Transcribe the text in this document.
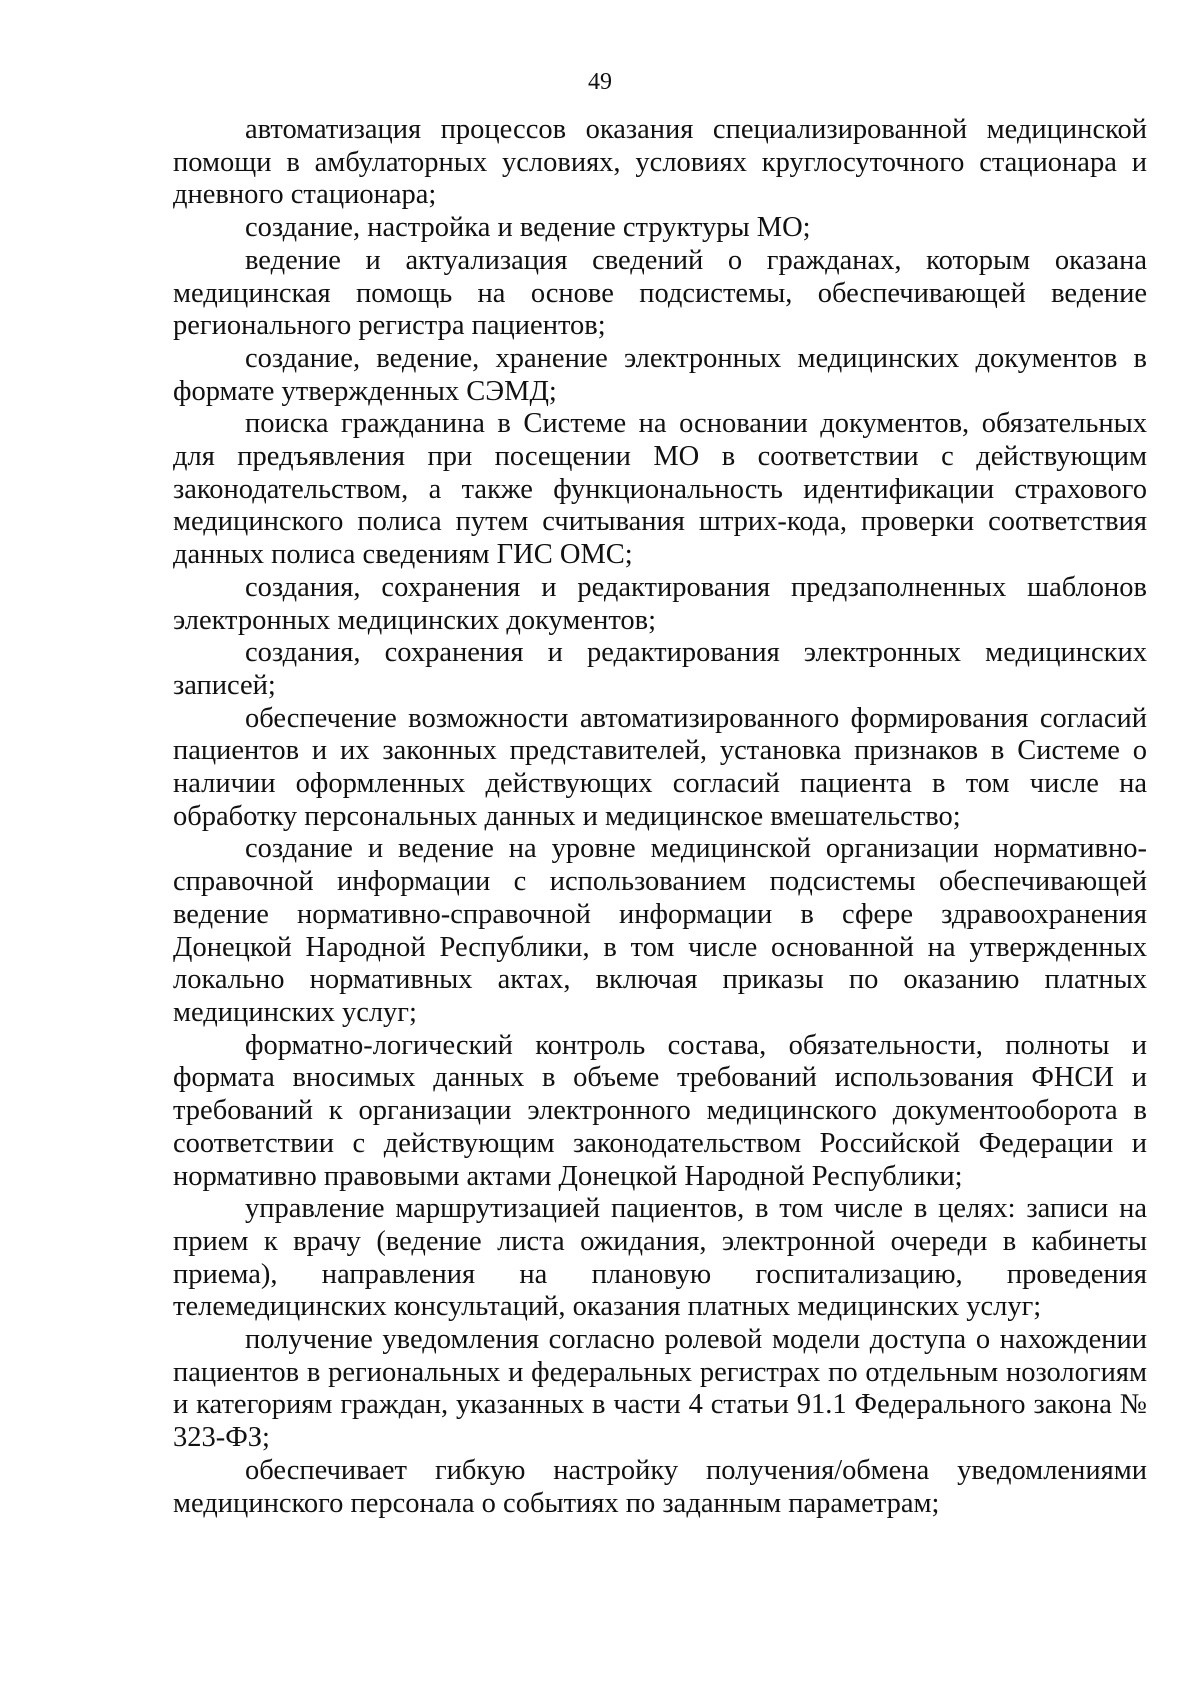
49

автоматизация процессов оказания специализированной медицинской помощи в амбулаторных условиях, условиях круглосуточного стационара и дневного стационара;

создание, настройка и ведение структуры МО;

ведение и актуализация сведений о гражданах, которым оказана медицинская помощь на основе подсистемы, обеспечивающей ведение регионального регистра пациентов;

создание, ведение, хранение электронных медицинских документов в формате утвержденных СЭМД;

поиска гражданина в Системе на основании документов, обязательных для предъявления при посещении МО в соответствии с действующим законодательством, а также функциональность идентификации страхового медицинского полиса путем считывания штрих-кода, проверки соответствия данных полиса сведениям ГИС ОМС;

создания, сохранения и редактирования предзаполненных шаблонов электронных медицинских документов;

создания, сохранения и редактирования электронных медицинских записей;

обеспечение возможности автоматизированного формирования согласий пациентов и их законных представителей, установка признаков в Системе о наличии оформленных действующих согласий пациента в том числе на обработку персональных данных и медицинское вмешательство;

создание и ведение на уровне медицинской организации нормативно-справочной информации с использованием подсистемы обеспечивающей ведение нормативно-справочной информации в сфере здравоохранения Донецкой Народной Республики, в том числе основанной на утвержденных локально нормативных актах, включая приказы по оказанию платных медицинских услуг;

форматно-логический контроль состава, обязательности, полноты и формата вносимых данных в объеме требований использования ФНСИ и требований к организации электронного медицинского документооборота в соответствии с действующим законодательством Российской Федерации и нормативно правовыми актами Донецкой Народной Республики;

управление маршрутизацией пациентов, в том числе в целях: записи на прием к врачу (ведение листа ожидания, электронной очереди в кабинеты приема), направления на плановую госпитализацию, проведения телемедицинских консультаций, оказания платных медицинских услуг;

получение уведомления согласно ролевой модели доступа о нахождении пациентов в региональных и федеральных регистрах по отдельным нозологиям и категориям граждан, указанных в части 4 статьи 91.1 Федерального закона № 323-ФЗ;

обеспечивает гибкую настройку получения/обмена уведомлениями медицинского персонала о событиях по заданным параметрам;
